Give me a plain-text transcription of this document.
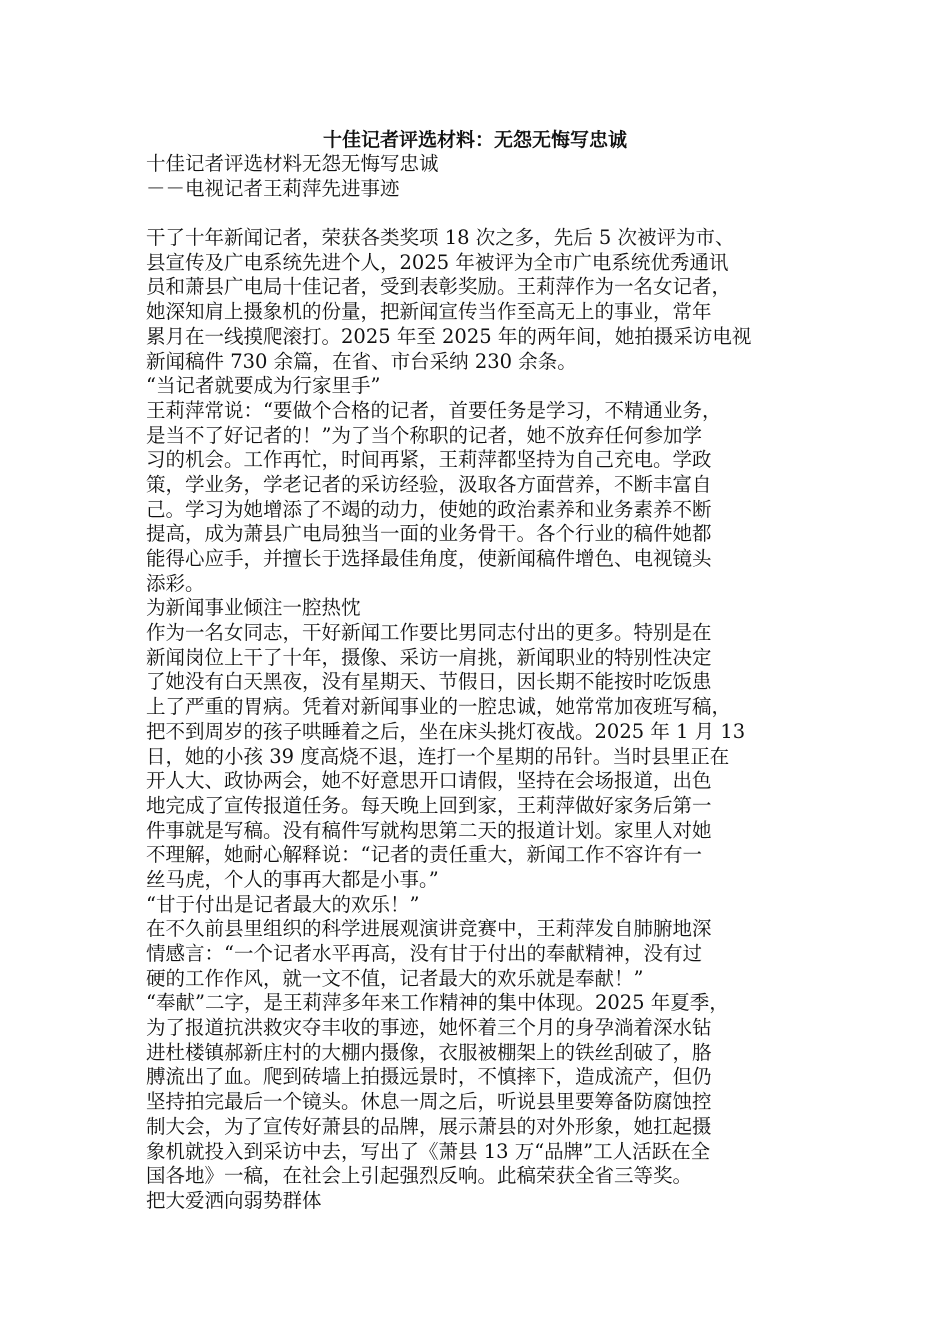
十佳记者评选材料：无怨无悔写忠诚
十佳记者评选材料无怨无悔写忠诚
－－电视记者王莉萍先进事迹
干了十年新闻记者，荣获各类奖项 18 次之多，先后 5 次被评为市、
县宣传及广电系统先进个人，2025 年被评为全市广电系统优秀通讯
员和萧县广电局十佳记者，受到表彰奖励。王莉萍作为一名女记者，
她深知肩上摄象机的份量，把新闻宣传当作至高无上的事业，常年
累月在一线摸爬滚打。2025 年至 2025 年的两年间，她拍摄采访电视
新闻稿件 730 余篇，在省、市台采纳 230 余条。
“当记者就要成为行家里手”
王莉萍常说：“要做个合格的记者，首要任务是学习，不精通业务，
是当不了好记者的！”为了当个称职的记者，她不放弃任何参加学
习的机会。工作再忙，时间再紧，王莉萍都坚持为自己充电。学政
策，学业务，学老记者的采访经验，汲取各方面营养，不断丰富自
己。学习为她增添了不竭的动力，使她的政治素养和业务素养不断
提高，成为萧县广电局独当一面的业务骨干。各个行业的稿件她都
能得心应手，并擅长于选择最佳角度，使新闻稿件增色、电视镜头
添彩。
为新闻事业倾注一腔热忱
作为一名女同志，干好新闻工作要比男同志付出的更多。特别是在
新闻岗位上干了十年，摄像、采访一肩挑，新闻职业的特别性决定
了她没有白天黑夜，没有星期天、节假日，因长期不能按时吃饭患
上了严重的胃病。凭着对新闻事业的一腔忠诚，她常常加夜班写稿，
把不到周岁的孩子哄睡着之后，坐在床头挑灯夜战。2025 年 1 月 13
日，她的小孩 39 度高烧不退，连打一个星期的吊针。当时县里正在
开人大、政协两会，她不好意思开口请假，坚持在会场报道，出色
地完成了宣传报道任务。每天晚上回到家，王莉萍做好家务后第一
件事就是写稿。没有稿件写就构思第二天的报道计划。家里人对她
不理解，她耐心解释说：“记者的责任重大，新闻工作不容许有一
丝马虎，个人的事再大都是小事。”
“甘于付出是记者最大的欢乐！”
在不久前县里组织的科学进展观演讲竞赛中，王莉萍发自肺腑地深
情感言：“一个记者水平再高，没有甘于付出的奉献精神，没有过
硬的工作作风，就一文不值，记者最大的欢乐就是奉献！”
“奉献”二字，是王莉萍多年来工作精神的集中体现。2025 年夏季，
为了报道抗洪救灾夺丰收的事迹，她怀着三个月的身孕淌着深水钻
进杜楼镇郝新庄村的大棚内摄像，衣服被棚架上的铁丝刮破了，胳
膊流出了血。爬到砖墙上拍摄远景时，不慎摔下，造成流产，但仍
坚持拍完最后一个镜头。休息一周之后，听说县里要筹备防腐蚀控
制大会，为了宣传好萧县的品牌，展示萧县的对外形象，她扛起摄
象机就投入到采访中去，写出了《萧县 13 万“品牌”工人活跃在全
国各地》一稿，在社会上引起强烈反响。此稿荣获全省三等奖。
把大爱洒向弱势群体
